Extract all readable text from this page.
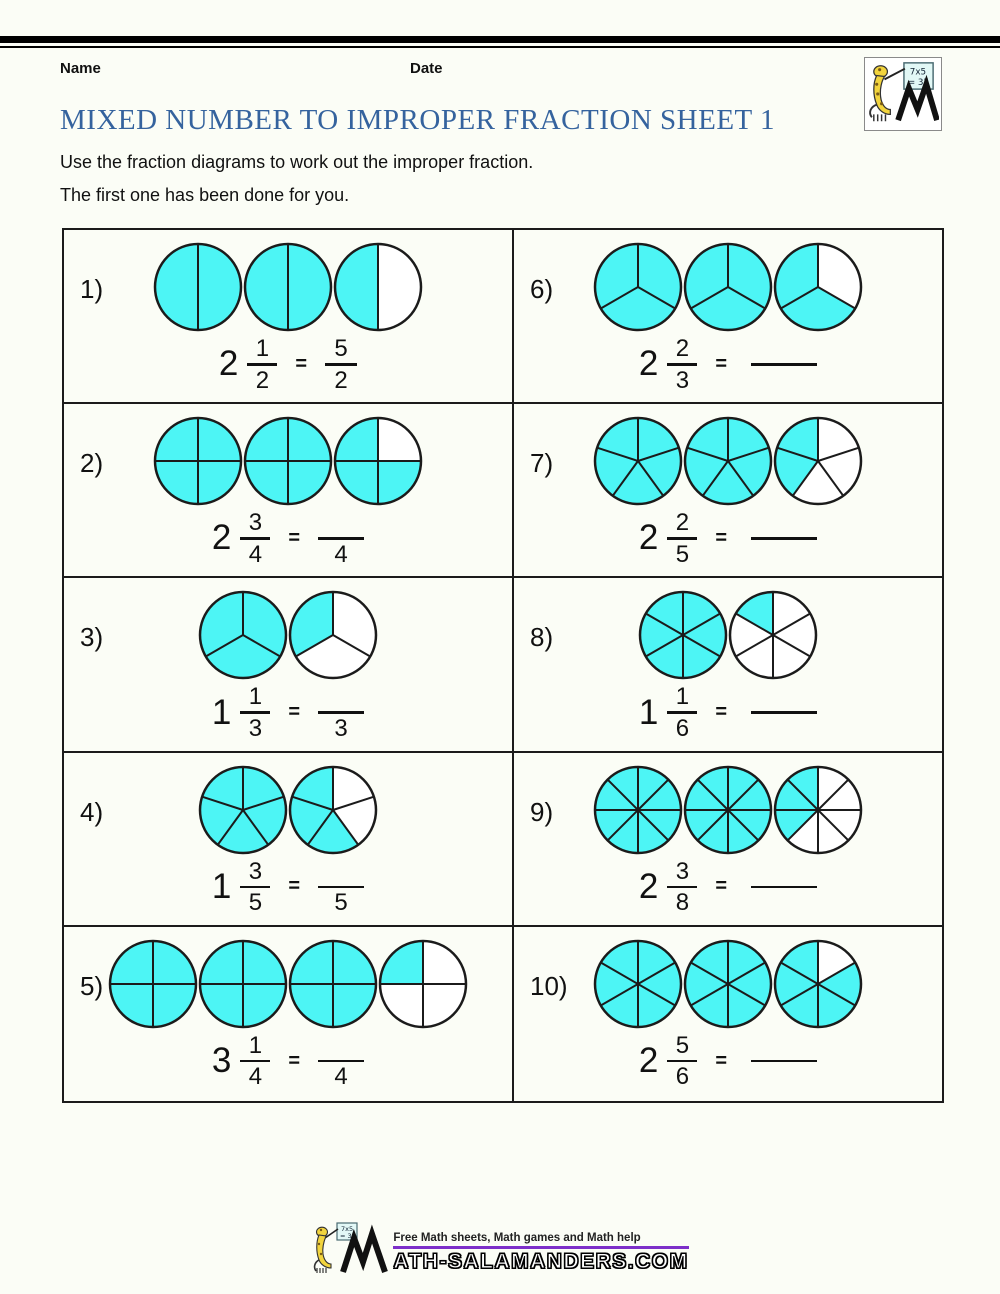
Name	Date	7x5
= 35
MIXED NUMBER TO IMPROPER FRACTION SHEET 1
Use the fraction diagrams to work out the improper fraction.
The first one has been done for you.
1)
$2 \frac{1}{2} = \frac{5}{2}$
6)
$2 \frac{2}{3}$ =
2)
$2 \frac{3}{4}$ =
4
7)
$2 \frac{2}{5}$ =
3)
$1 \frac{1}{3}$ =
3
8)
$1 \frac{1}{6}$ =
4)
$1 \frac{3}{5}$ =
5
9)
$2 \frac{3}{8}$ =
5)
$3 \frac{1}{4}$ =
4
10)
$2 \frac{5}{6}$ =
7x5
= 35	Free Math sheets, Math games and Math help
ATH-SALAMANDERS.COM
